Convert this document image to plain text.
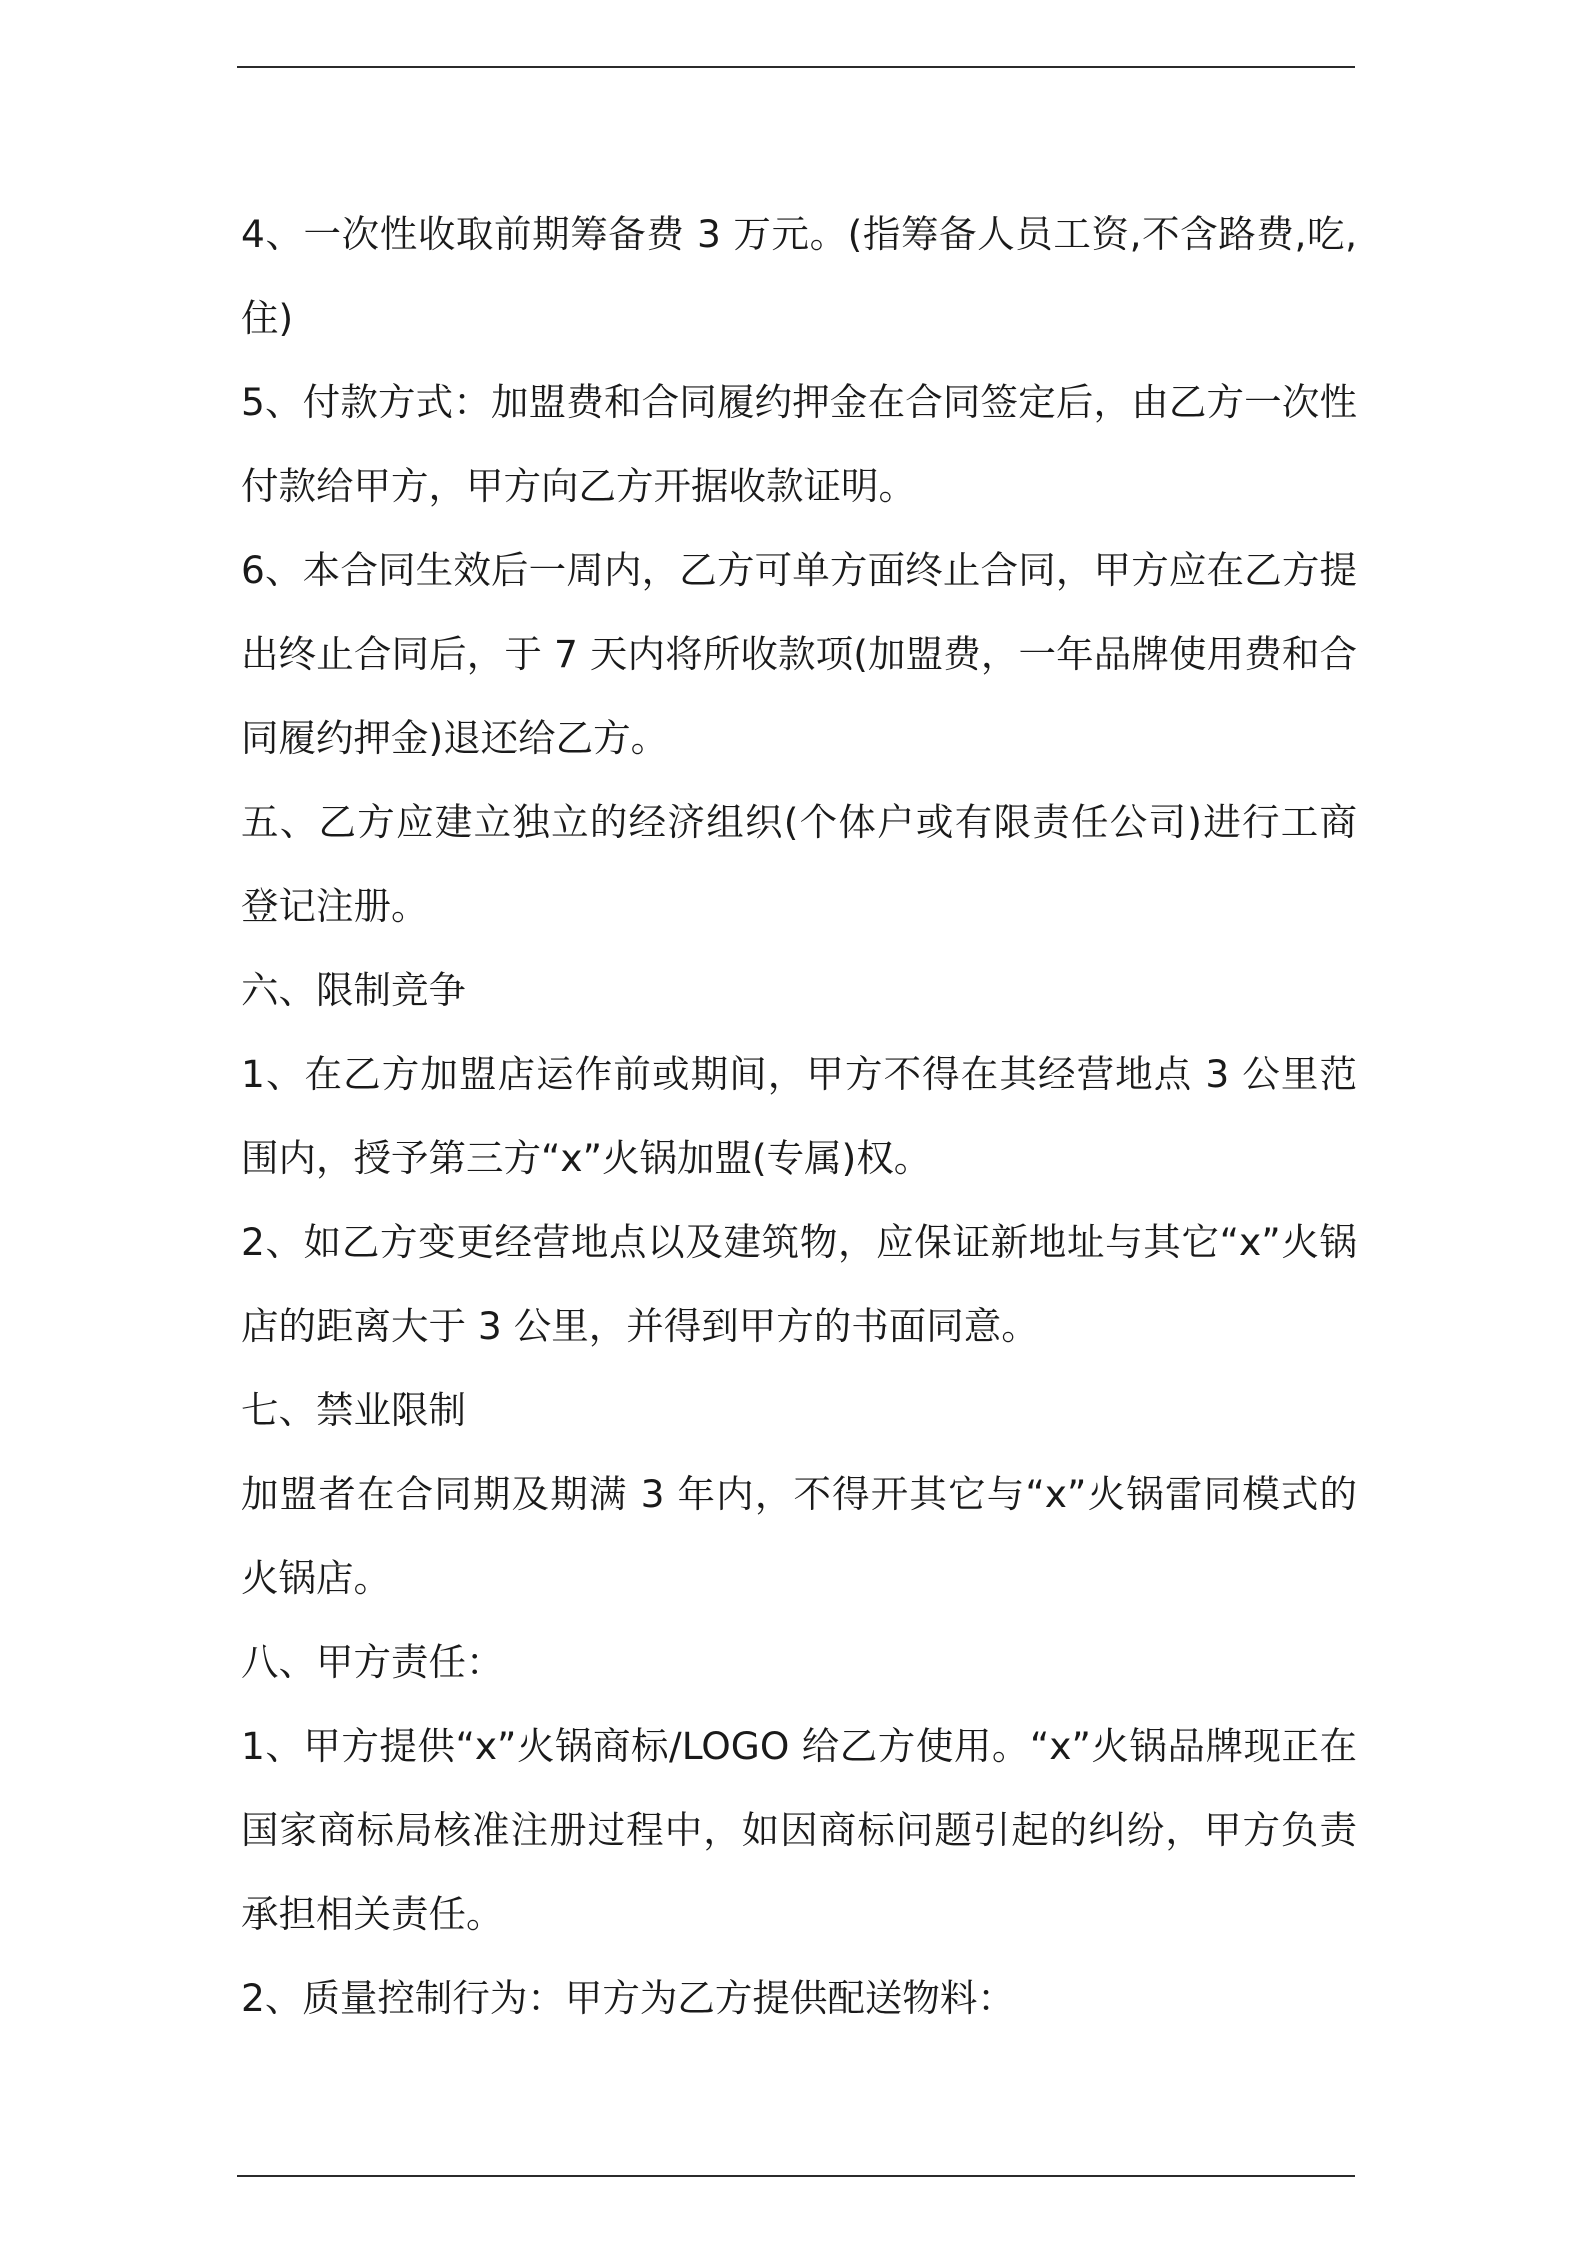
4、一次性收取前期筹备费 3 万元。(指筹备人员工资,不含路费,吃,住)

5、付款方式：加盟费和合同履约押金在合同签定后，由乙方一次性付款给甲方，甲方向乙方开据收款证明。

6、本合同生效后一周内，乙方可单方面终止合同，甲方应在乙方提出终止合同后，于 7 天内将所收款项(加盟费，一年品牌使用费和合同履约押金)退还给乙方。

五、乙方应建立独立的经济组织(个体户或有限责任公司)进行工商登记注册。

六、限制竞争

1、在乙方加盟店运作前或期间，甲方不得在其经营地点 3 公里范围内，授予第三方“x”火锅加盟(专属)权。

2、如乙方变更经营地点以及建筑物，应保证新地址与其它“x”火锅店的距离大于 3 公里，并得到甲方的书面同意。

七、禁业限制

加盟者在合同期及期满 3 年内，不得开其它与“x”火锅雷同模式的火锅店。

八、甲方责任：

1、甲方提供“x”火锅商标/LOGO 给乙方使用。“x”火锅品牌现正在国家商标局核准注册过程中，如因商标问题引起的纠纷，甲方负责承担相关责任。

2、质量控制行为：甲方为乙方提供配送物料：
